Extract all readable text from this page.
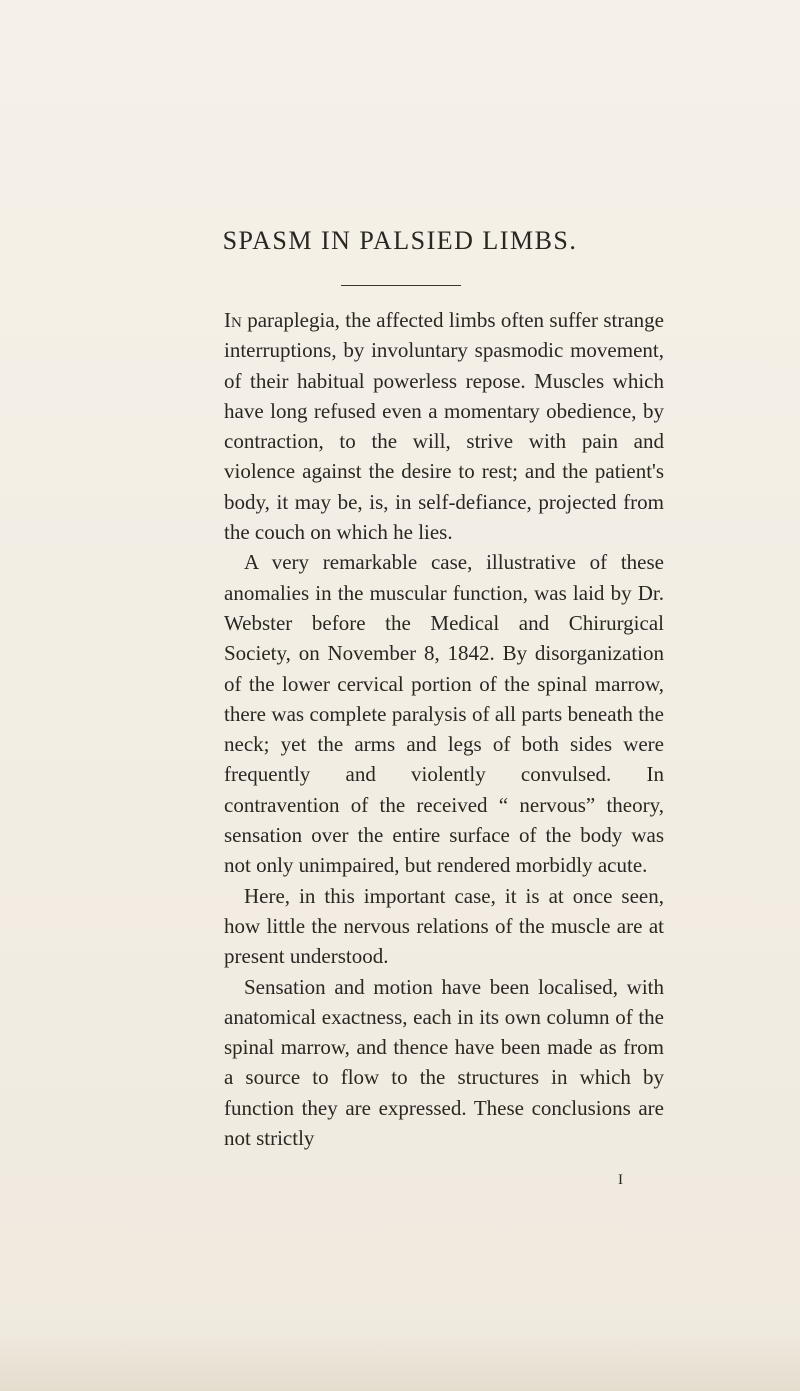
SPASM IN PALSIED LIMBS.

In paraplegia, the affected limbs often suffer strange interruptions, by involuntary spasmodic movement, of their habitual powerless repose. Muscles which have long refused even a momentary obedience, by contraction, to the will, strive with pain and violence against the desire to rest; and the patient's body, it may be, is, in self-defiance, projected from the couch on which he lies.

A very remarkable case, illustrative of these anomalies in the muscular function, was laid by Dr. Webster before the Medical and Chirurgical Society, on November 8, 1842. By disorganization of the lower cervical portion of the spinal marrow, there was complete paralysis of all parts beneath the neck; yet the arms and legs of both sides were frequently and violently convulsed. In contravention of the received “ nervous” theory, sensation over the entire surface of the body was not only unimpaired, but rendered morbidly acute.

Here, in this important case, it is at once seen, how little the nervous relations of the muscle are at present understood.

Sensation and motion have been localised, with anatomical exactness, each in its own column of the spinal marrow, and thence have been made as from a source to flow to the structures in which by function they are expressed. These conclusions are not strictly

I
